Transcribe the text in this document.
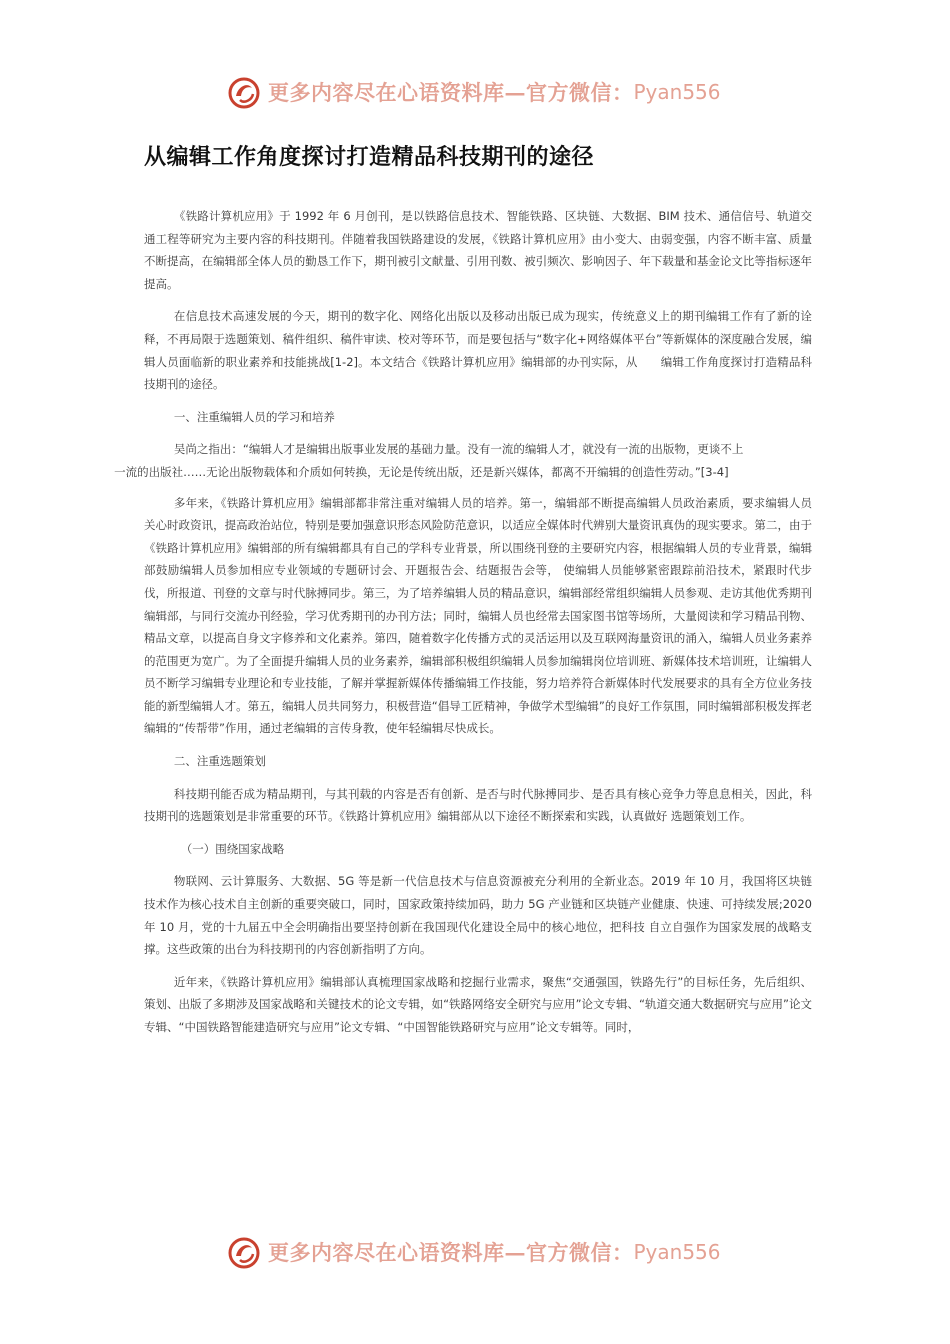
更多内容尽在心语资料库—官方微信： Pyan556
从编辑工作角度探讨打造精品科技期刊的途径

《铁路计算机应用》于 1992 年 6 月创刊，是以铁路信息技术、智能铁路、区块链、大数据、BIM 技术、通信信号、轨道交通工程等研究为主要内容的科技期刊。伴随着我国铁路建设的发展，《铁路计算机应用》由小变大、由弱变强，内容不断丰富、质量不断提高，在编辑部全体人员的勤恳工作下，期刊被引文献量、引用刊数、被引频次、影响因子、年下载量和基金论文比等指标逐年提高。

在信息技术高速发展的今天，期刊的数字化、网络化出版以及移动出版已成为现实，传统意义上的期刊编辑工作有了新的诠释，不再局限于选题策划、稿件组织、稿件审读、校对等环节，而是要包括与“数字化+网络媒体平台”等新媒体的深度融合发展，编辑人员面临新的职业素养和技能挑战[1-2]。本文结合《铁路计算机应用》编辑部的办刊实际，从　　编辑工作角度探讨打造精品科技期刊的途径。

一、注重编辑人员的学习和培养

吴尚之指出：“编辑人才是编辑出版事业发展的基础力量。没有一流的编辑人才，就没有一流的出版物，更谈不上
一流的出版社……无论出版物载体和介质如何转换，无论是传统出版，还是新兴媒体，都离不开编辑的创造性劳动。”[3-4]

多年来，《铁路计算机应用》编辑部都非常注重对编辑人员的培养。第一，编辑部不断提高编辑人员政治素质，要求编辑人员关心时政资讯，提高政治站位，特别是要加强意识形态风险防范意识，以适应全媒体时代辨别大量资讯真伪的现实要求。第二，由于《铁路计算机应用》编辑部的所有编辑都具有自己的学科专业背景，所以围绕刊登的主要研究内容，根据编辑人员的专业背景，编辑部鼓励编辑人员参加相应专业领域的专题研讨会、开题报告会、结题报告会等， 使编辑人员能够紧密跟踪前沿技术，紧跟时代步伐，所报道、刊登的文章与时代脉搏同步。第三，为了培养编辑人员的精品意识，编辑部经常组织编辑人员参观、走访其他优秀期刊编辑部，与同行交流办刊经验，学习优秀期刊的办刊方法；同时，编辑人员也经常去国家图书馆等场所，大量阅读和学习精品刊物、精品文章，以提高自身文字修养和文化素养。第四，随着数字化传播方式的灵活运用以及互联网海量资讯的涌入，编辑人员业务素养的范围更为宽广。为了全面提升编辑人员的业务素养，编辑部积极组织编辑人员参加编辑岗位培训班、新媒体技术培训班，让编辑人员不断学习编辑专业理论和专业技能，了解并掌握新媒体传播编辑工作技能，努力培养符合新媒体时代发展要求的具有全方位业务技能的新型编辑人才。第五，编辑人员共同努力，积极营造“倡导工匠精神，争做学术型编辑”的良好工作氛围，同时编辑部积极发挥老编辑的“传帮带”作用，通过老编辑的言传身教，使年轻编辑尽快成长。

二、注重选题策划

科技期刊能否成为精品期刊，与其刊载的内容是否有创新、是否与时代脉搏同步、是否具有核心竞争力等息息相关，因此，科技期刊的选题策划是非常重要的环节。《铁路计算机应用》编辑部从以下途径不断探索和实践，认真做好 选题策划工作。

（一）围绕国家战略

物联网、云计算服务、大数据、5G 等是新一代信息技术与信息资源被充分利用的全新业态。2019 年 10 月，我国将区块链技术作为核心技术自主创新的重要突破口，同时，国家政策持续加码，助力 5G 产业链和区块链产业健康、快速、可持续发展;2020 年 10 月，党的十九届五中全会明确指出要坚持创新在我国现代化建设全局中的核心地位，把科技 自立自强作为国家发展的战略支撑。这些政策的出台为科技期刊的内容创新指明了方向。

近年来，《铁路计算机应用》编辑部认真梳理国家战略和挖掘行业需求，聚焦“交通强国，铁路先行”的目标任务，先后组织、策划、出版了多期涉及国家战略和关键技术的论文专辑，如“铁路网络安全研究与应用”论文专辑、“轨道交通大数据研究与应用”论文专辑、“中国铁路智能建造研究与应用”论文专辑、“中国智能铁路研究与应用”论文专辑等。同时，

更多内容尽在心语资料库—官方微信： Pyan556
